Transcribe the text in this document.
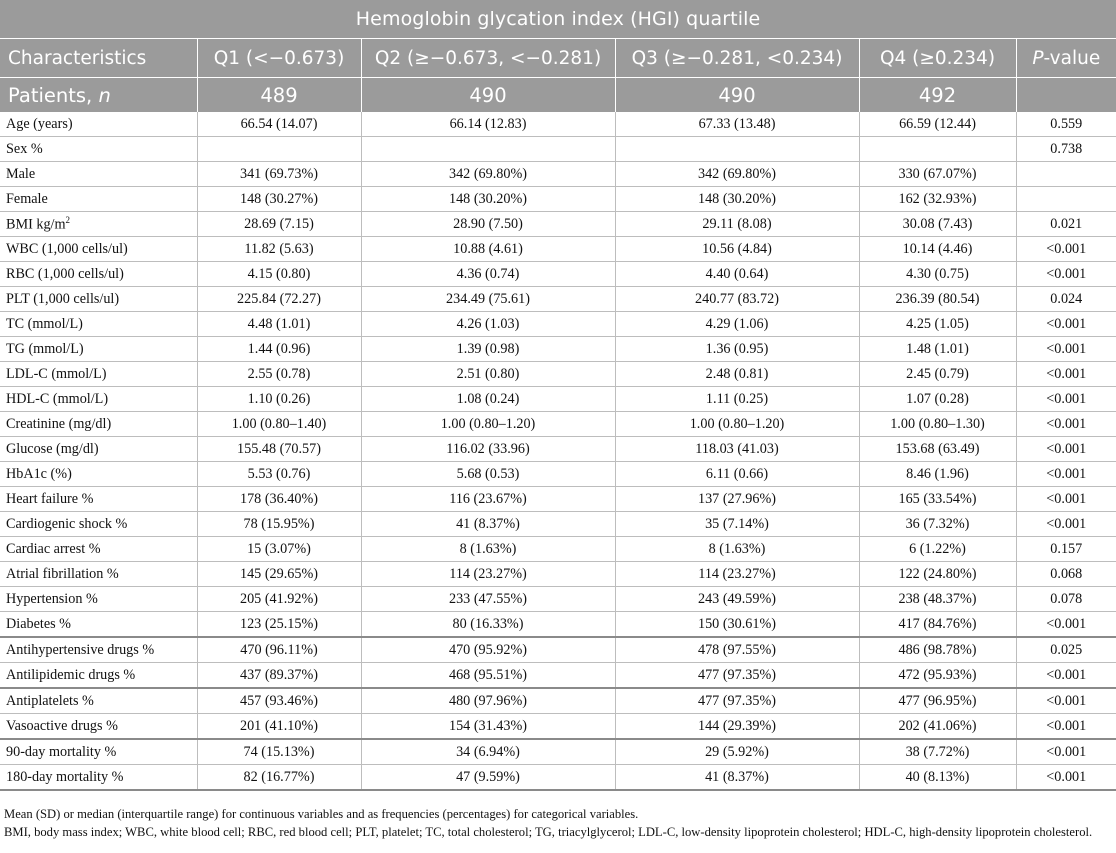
Hemoglobin glycation index (HGI) quartile					
Characteristics	Q1 (<−0.673)	Q2 (≥−0.673, <−0.281)	Q3 (≥−0.281, <0.234)	Q4 (≥0.234)	P-value
Patients, n	489	490	490	492	
Age (years)	66.54 (14.07)	66.14 (12.83)	67.33 (13.48)	66.59 (12.44)	0.559
Sex %					0.738
Male	341 (69.73%)	342 (69.80%)	342 (69.80%)	330 (67.07%)	
Female	148 (30.27%)	148 (30.20%)	148 (30.20%)	162 (32.93%)	
BMI $kg/m^2$	28.69 (7.15)	28.90 (7.50)	29.11 (8.08)	30.08 (7.43)	0.021
WBC (1,000 cells/ul)	11.82 (5.63)	10.88 (4.61)	10.56 (4.84)	10.14 (4.46)	<0.001
RBC (1,000 cells/ul)	4.15 (0.80)	4.36 (0.74)	4.40 (0.64)	4.30 (0.75)	<0.001
PLT (1,000 cells/ul)	225.84 (72.27)	234.49 (75.61)	240.77 (83.72)	236.39 (80.54)	0.024
TC (mmol/L)	4.48 (1.01)	4.26 (1.03)	4.29 (1.06)	4.25 (1.05)	<0.001
TG (mmol/L)	1.44 (0.96)	1.39 (0.98)	1.36 (0.95)	1.48 (1.01)	<0.001
LDL-C (mmol/L)	2.55 (0.78)	2.51 (0.80)	2.48 (0.81)	2.45 (0.79)	<0.001
HDL-C (mmol/L)	1.10 (0.26)	1.08 (0.24)	1.11 (0.25)	1.07 (0.28)	<0.001
Creatinine (mg/dl)	1.00 (0.80–1.40)	1.00 (0.80–1.20)	1.00 (0.80–1.20)	1.00 (0.80–1.30)	<0.001
Glucose (mg/dl)	155.48 (70.57)	116.02 (33.96)	118.03 (41.03)	153.68 (63.49)	<0.001
HbA1c (%)	5.53 (0.76)	5.68 (0.53)	6.11 (0.66)	8.46 (1.96)	<0.001
Heart failure %	178 (36.40%)	116 (23.67%)	137 (27.96%)	165 (33.54%)	<0.001
Cardiogenic shock %	78 (15.95%)	41 (8.37%)	35 (7.14%)	36 (7.32%)	<0.001
Cardiac arrest %	15 (3.07%)	8 (1.63%)	8 (1.63%)	6 (1.22%)	0.157
Atrial fibrillation %	145 (29.65%)	114 (23.27%)	114 (23.27%)	122 (24.80%)	0.068
Hypertension %	205 (41.92%)	233 (47.55%)	243 (49.59%)	238 (48.37%)	0.078
Diabetes %	123 (25.15%)	80 (16.33%)	150 (30.61%)	417 (84.76%)	<0.001
Antihypertensive drugs %	470 (96.11%)	470 (95.92%)	478 (97.55%)	486 (98.78%)	0.025
Antilipidemic drugs %	437 (89.37%)	468 (95.51%)	477 (97.35%)	472 (95.93%)	<0.001
Antiplatelets %	457 (93.46%)	480 (97.96%)	477 (97.35%)	477 (96.95%)	<0.001
Vasoactive drugs %	201 (41.10%)	154 (31.43%)	144 (29.39%)	202 (41.06%)	<0.001
90-day mortality %	74 (15.13%)	34 (6.94%)	29 (5.92%)	38 (7.72%)	<0.001
180-day mortality %	82 (16.77%)	47 (9.59%)	41 (8.37%)	40 (8.13%)	<0.001
Mean (SD) or median (interquartile range) for continuous variables and as frequencies (percentages) for categorical variables.
BMI, body mass index; WBC, white blood cell; RBC, red blood cell; PLT, platelet; TC, total cholesterol; TG, triacylglycerol; LDL-C, low-density lipoprotein cholesterol; HDL-C, high-density lipoprotein cholesterol.
